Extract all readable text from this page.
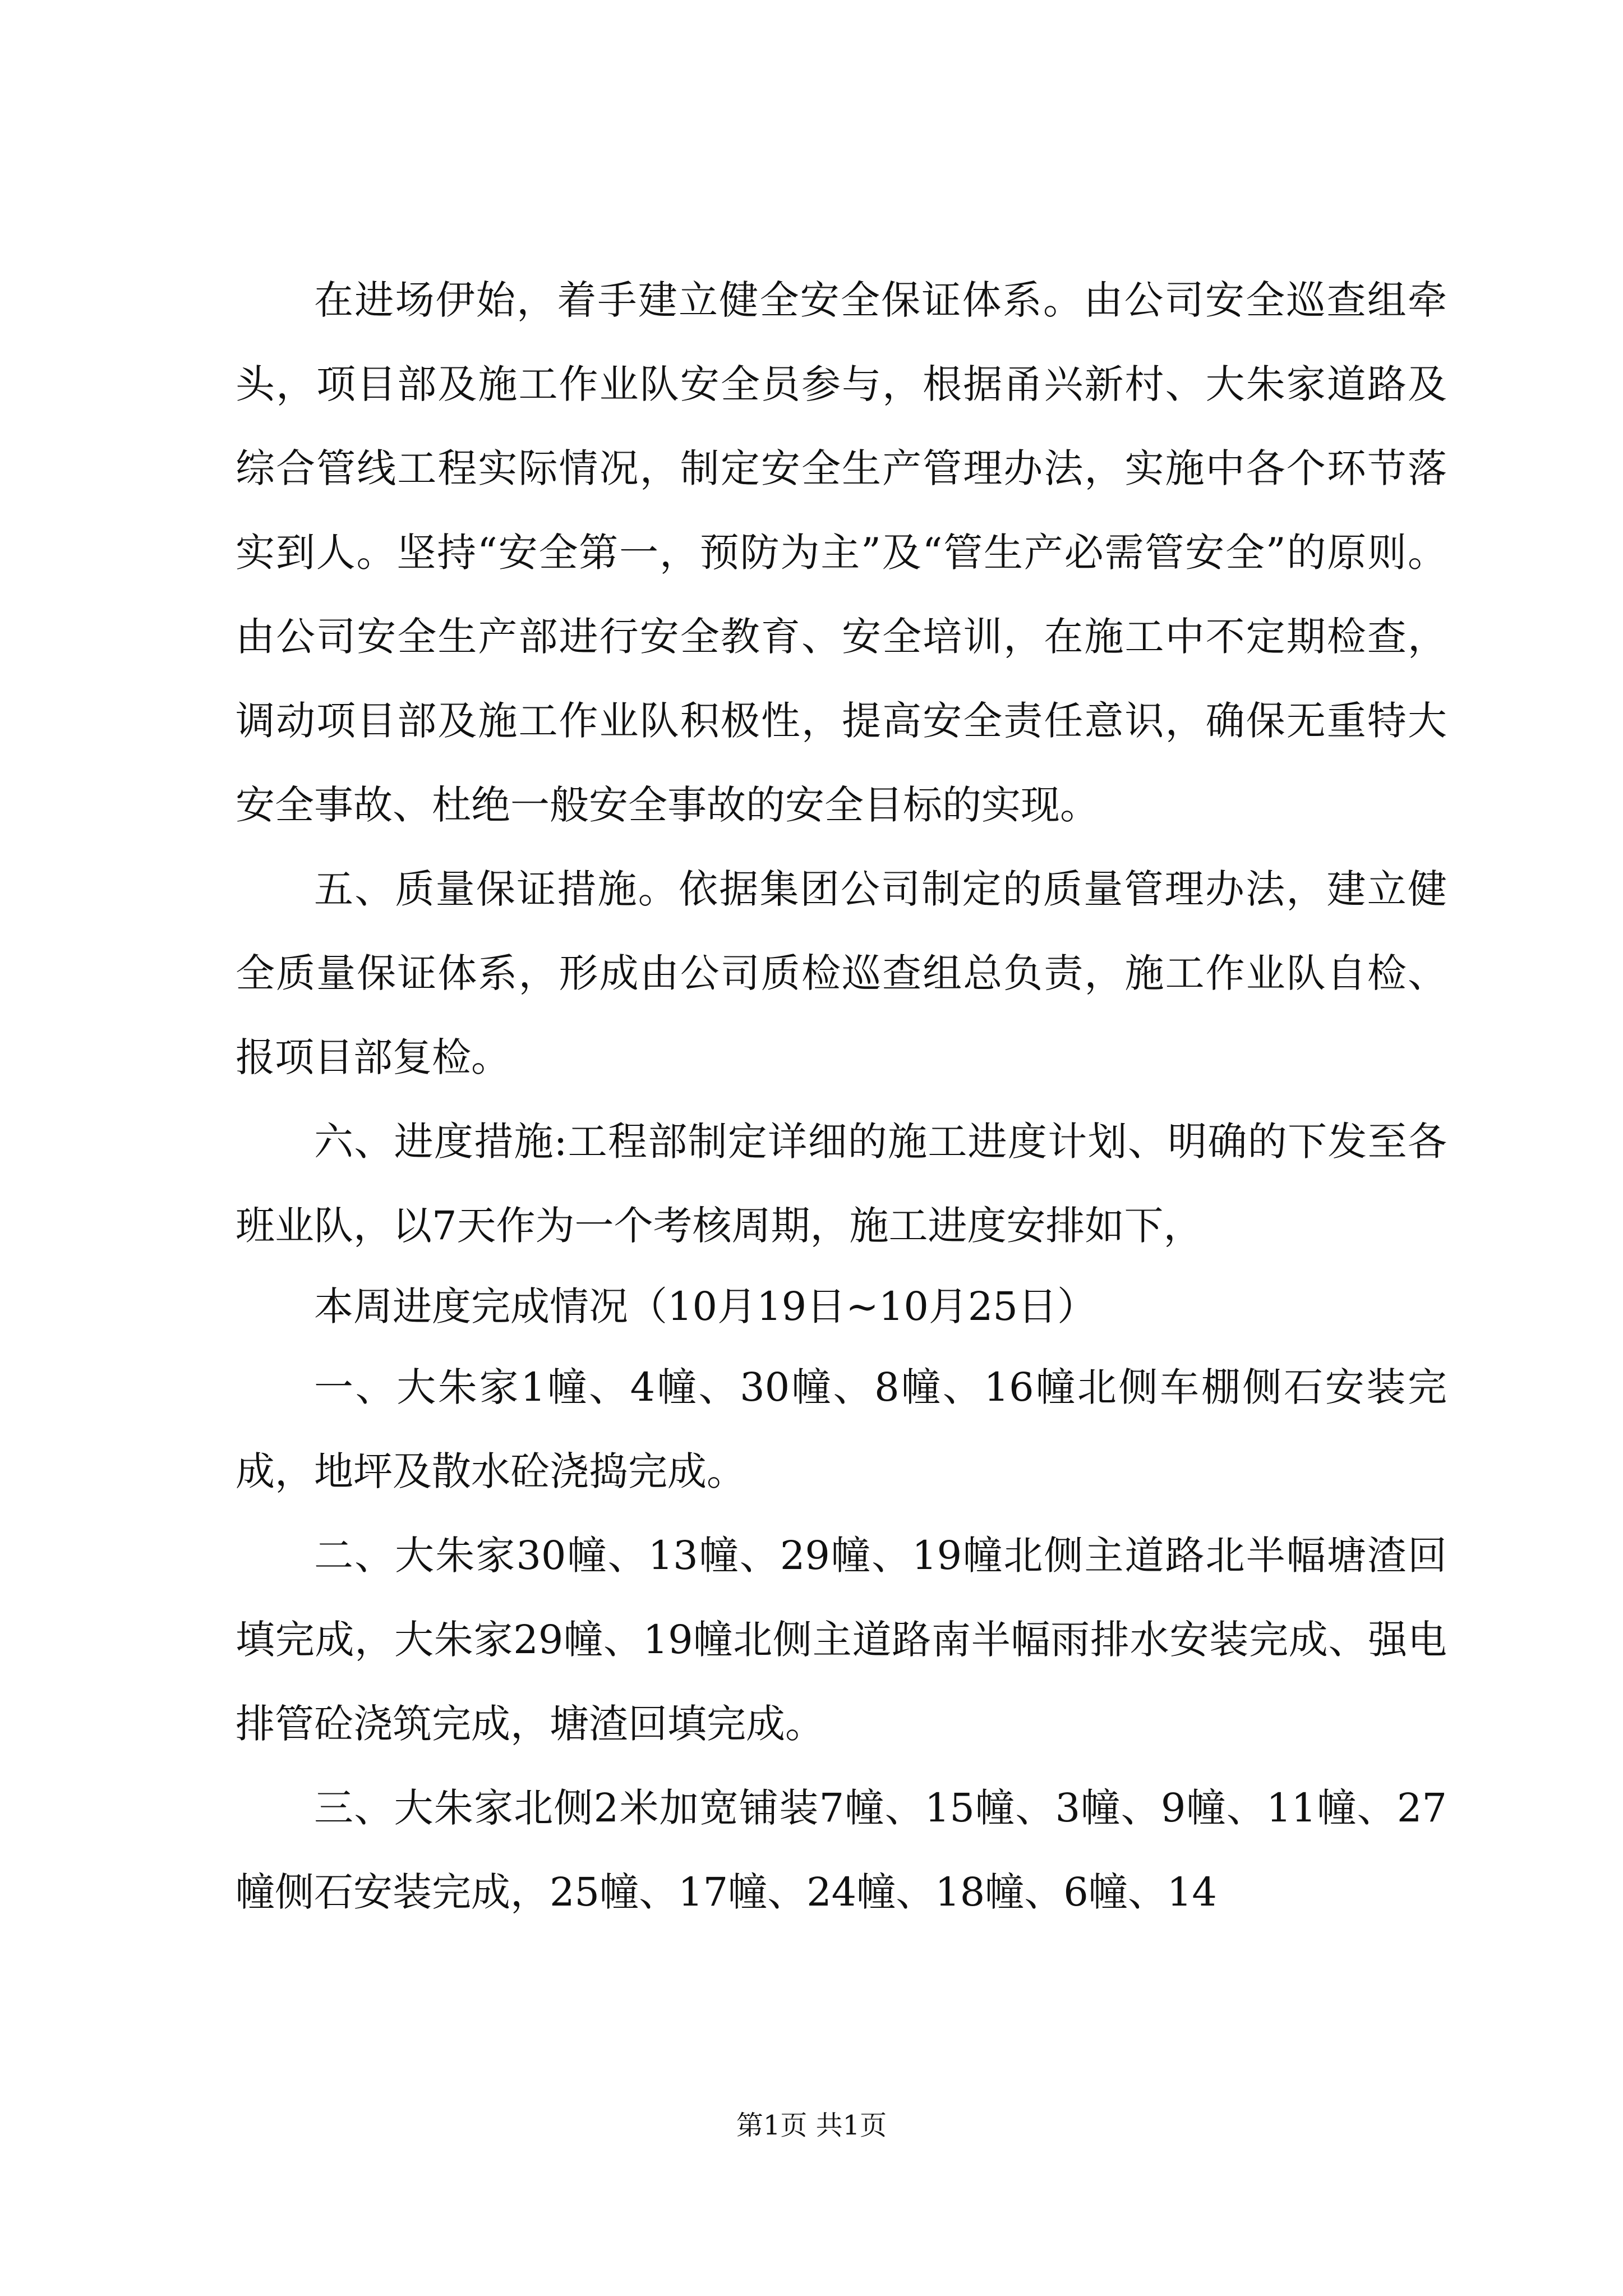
在进场伊始，着手建立健全安全保证体系。由公司安全巡查组牵头，项目部及施工作业队安全员参与，根据甬兴新村、大朱家道路及综合管线工程实际情况，制定安全生产管理办法，实施中各个环节落实到人。坚持“安全第一，预防为主”及“管生产必需管安全”的原则。由公司安全生产部进行安全教育、安全培训，在施工中不定期检查，调动项目部及施工作业队积极性，提高安全责任意识，确保无重特大安全事故、杜绝一般安全事故的安全目标的实现。

五、质量保证措施。依据集团公司制定的质量管理办法，建立健全质量保证体系，形成由公司质检巡查组总负责，施工作业队自检、报项目部复检。

六、进度措施:工程部制定详细的施工进度计划、明确的下发至各班业队，以7天作为一个考核周期，施工进度安排如下，

本周进度完成情况（10月19日~10月25日）

一、大朱家1幢、4幢、30幢、8幢、16幢北侧车棚侧石安装完成，地坪及散水砼浇捣完成。

二、大朱家30幢、13幢、29幢、19幢北侧主道路北半幅塘渣回填完成，大朱家29幢、19幢北侧主道路南半幅雨排水安装完成、强电排管砼浇筑完成，塘渣回填完成。

三、大朱家北侧2米加宽铺装7幢、15幢、3幢、9幢、11幢、27幢侧石安装完成，25幢、17幢、24幢、18幢、6幢、14

第1页 共1页
